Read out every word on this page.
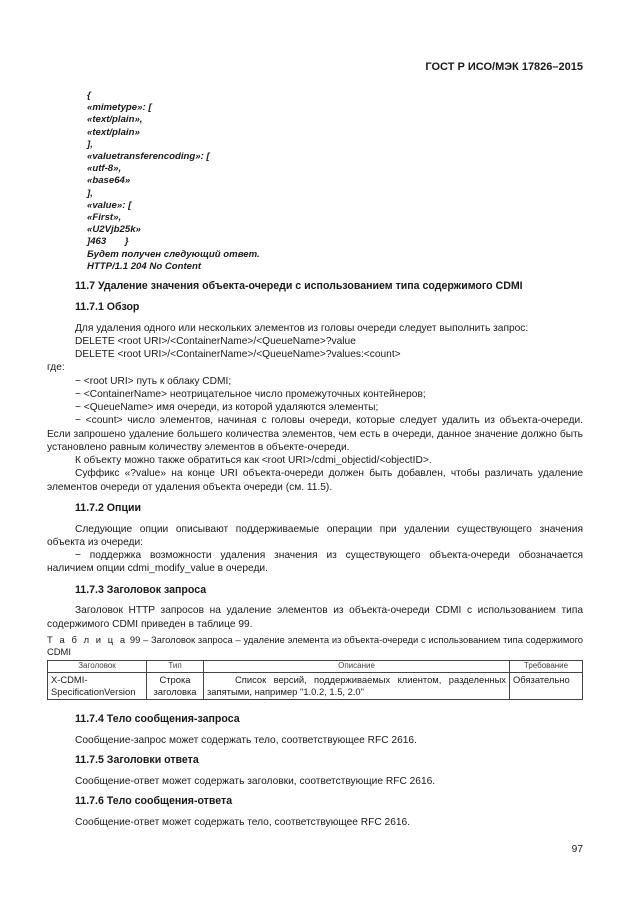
ГОСТ Р ИСО/МЭК 17826–2015
{
«mimetype»: [
«text/plain»,
«text/plain»
],
«valuetransferencoding»: [
«utf-8»,
«base64»
],
«value»: [
«First»,
«U2Vjb25k»
]463       }
Будет получен следующий ответ.
HTTP/1.1 204 No Content
11.7 Удаление значения объекта-очереди с использованием типа содержимого CDMI
11.7.1 Обзор

Для удаления одного или нескольких элементов из головы очереди следует выполнить запрос:

DELETE <root URI>/<ContainerName>/<QueueName>?value

DELETE <root URI>/<ContainerName>/<QueueName>?values:<count>

где:

− <root URI> путь к облаку CDMI;

− <ContainerName> неотрицательное число промежуточных контейнеров;

− <QueueName> имя очереди, из которой удаляются элементы;

− <count> число элементов, начиная с головы очереди, которые следует удалить из объекта-очереди. Если запрошено удаление большего количества элементов, чем есть в очереди, данное значение должно быть установлено равным количеству элементов в объекте-очереди.

К объекту можно также обратиться как <root URI>/cdmi_objectid/<objectID>.

Суффикс «?value» на конце URI объекта-очереди должен быть добавлен, чтобы различать удаление элементов очереди от удаления объекта очереди (см. 11.5).

11.7.2 Опции

Следующие опции описывают поддерживаемые операции при удалении существующего значения объекта из очереди:

− поддержка возможности удаления значения из существующего объекта-очереди обозначается наличием опции cdmi_modify_value в очереди.

11.7.3 Заголовок запроса

Заголовок HTTP запросов на удаление элементов из объекта-очереди CDMI с использованием типа содержимого CDMI приведен в таблице 99.

Т а б л и ц а 99 – Заголовок запроса – удаление элемента из объекта-очереди с использованием типа содержимого CDMI

Заголовок	Тип	Описание	Требование
X-CDMI-SpecificationVersion	Строка заголовка	Список версий, поддерживаемых клиентом, разделенных запятыми, например "1.0.2, 1.5, 2.0"	Обязательно
11.7.4 Тело сообщения-запроса

Сообщение-запрос может содержать тело, соответствующее RFC 2616.

11.7.5 Заголовки ответа

Сообщение-ответ может содержать заголовки, соответствующие RFC 2616.

11.7.6 Тело сообщения-ответа

Сообщение-ответ может содержать тело, соответствующее RFC 2616.

97
